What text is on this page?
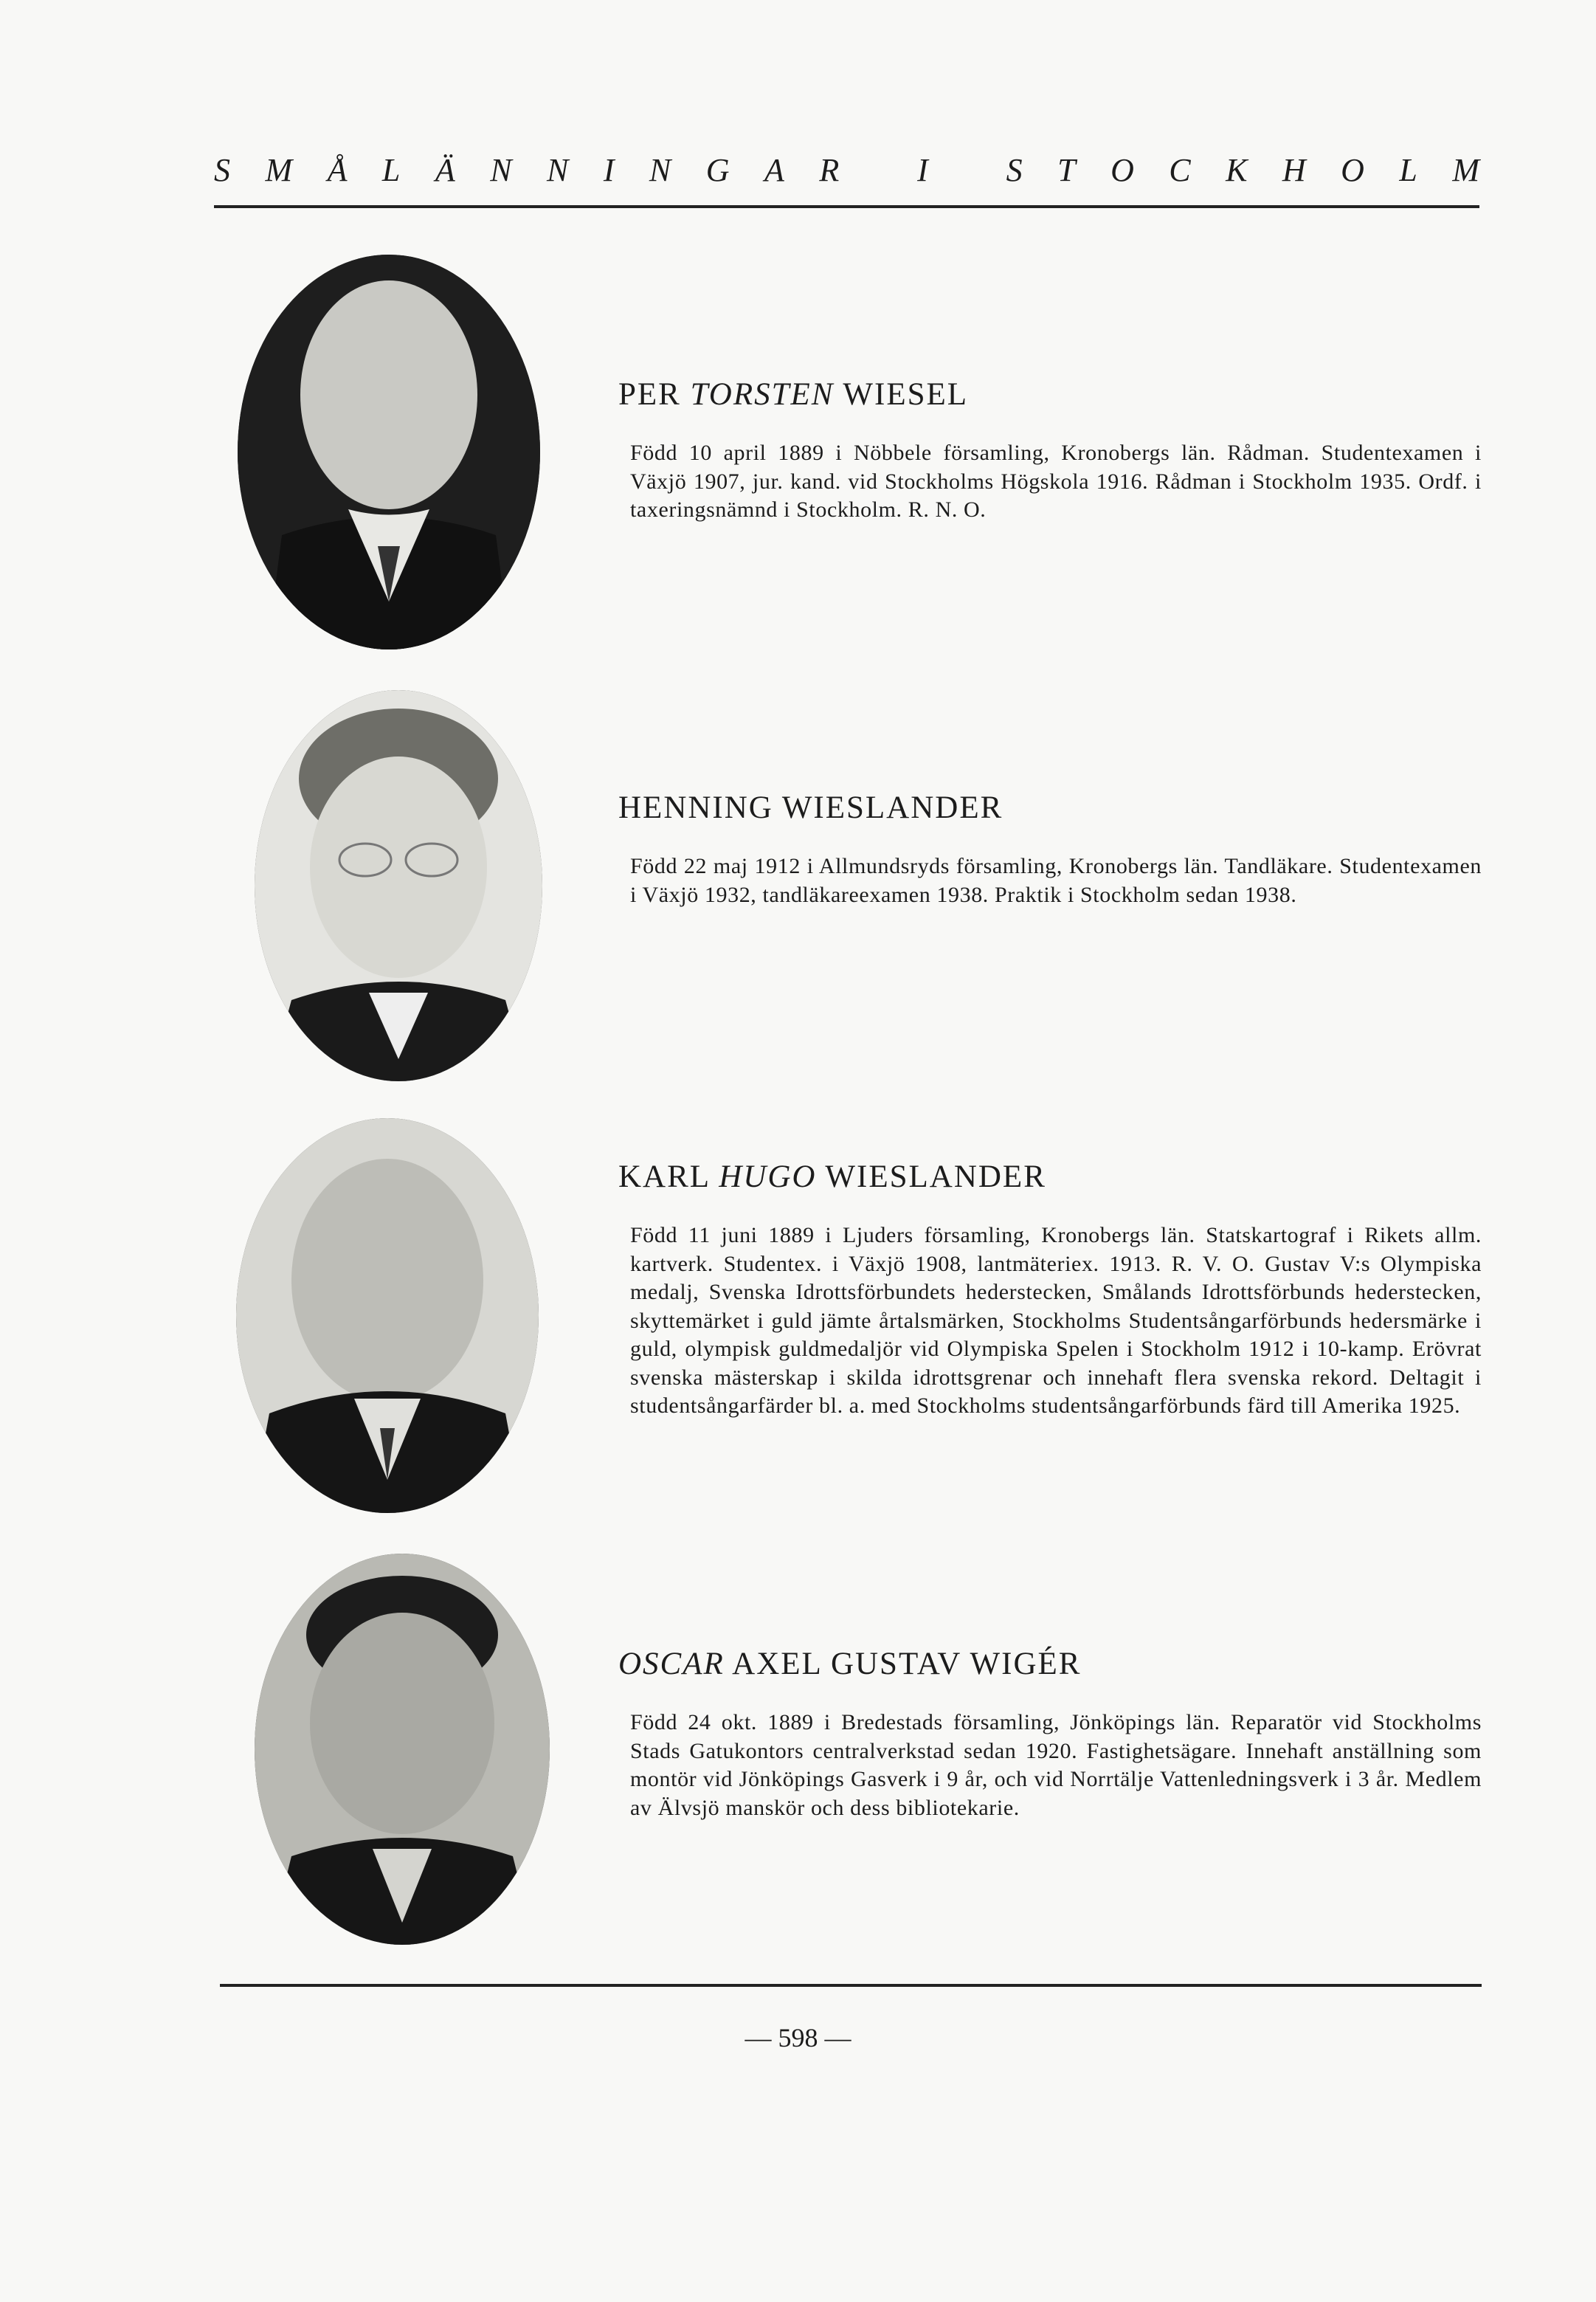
S M Å L Ä N N I N G A R
I
S T O C K H O L M
PER TORSTEN WIESEL

Född 10 april 1889 i Nöbbele församling, Kronobergs län. Rådman. Studentexamen i Växjö 1907, jur. kand. vid Stockholms Högskola 1916. Rådman i Stockholm 1935. Ordf. i taxeringsnämnd i Stockholm. R. N. O.

HENNING WIESLANDER

Född 22 maj 1912 i Allmundsryds församling, Kronobergs län. Tandläkare. Studentexamen i Växjö 1932, tandläkareexamen 1938. Praktik i Stockholm sedan 1938.

KARL HUGO WIESLANDER

Född 11 juni 1889 i Ljuders församling, Kronobergs län. Statskartograf i Rikets allm. kartverk. Studentex. i Växjö 1908, lantmäteriex. 1913. R. V. O. Gustav V:s Olympiska medalj, Svenska Idrottsförbundets hederstecken, Smålands Idrottsförbunds hederstecken, skyttemärket i guld jämte årtalsmärken, Stockholms Studentsångarförbunds hedersmärke i guld, olympisk guldmedaljör vid Olympiska Spelen i Stockholm 1912 i 10-kamp. Erövrat svenska mästerskap i skilda idrottsgrenar och innehaft flera svenska rekord. Deltagit i studentsångarfärder bl. a. med Stockholms studentsångarförbunds färd till Amerika 1925.

OSCAR AXEL GUSTAV WIGÉR

Född 24 okt. 1889 i Bredestads församling, Jönköpings län. Reparatör vid Stockholms Stads Gatukontors centralverkstad sedan 1920. Fastighetsägare. Innehaft anställning som montör vid Jönköpings Gasverk i 9 år, och vid Norrtälje Vattenledningsverk i 3 år. Medlem av Älvsjö manskör och dess bibliotekarie.

— 598 —
